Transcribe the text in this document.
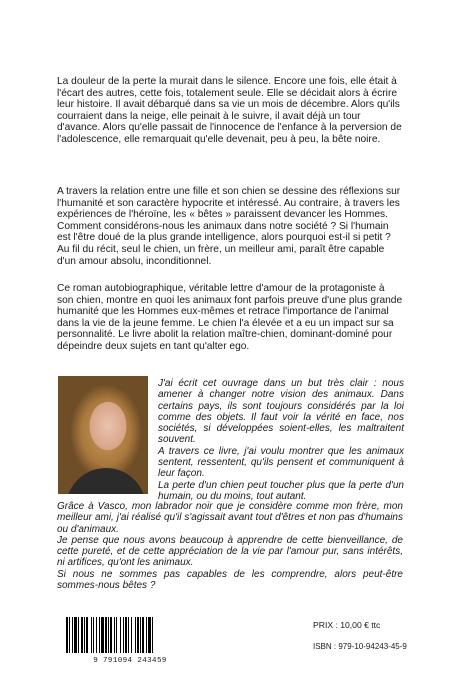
La douleur de la perte la murait dans le silence. Encore une fois, elle était à l'écart des autres, cette fois, totalement seule. Elle se décidait alors à écrire leur histoire. Il avait débarqué dans sa vie un mois de décembre. Alors qu'ils courraient dans la neige, elle peinait à le suivre, il avait déjà un tour d'avance. Alors qu'elle passait de l'innocence de l'enfance à la perversion de l'adolescence, elle remarquait qu'elle devenait, peu à peu, la bête noire.

A travers la relation entre une fille et son chien se dessine des réflexions sur l'humanité et son caractère hypocrite et intéressé. Au contraire, à travers les expériences de l'héroïne, les « bêtes » paraissent devancer les Hommes. Comment considérons-nous les animaux dans notre société ? Si l'humain est l'être doué de la plus grande intelligence, alors pourquoi est-il si petit ? Au fil du récit, seul le chien, un frère, un meilleur ami, paraît être capable d'un amour absolu, inconditionnel.

Ce roman autobiographique, véritable lettre d'amour de la protagoniste à son chien, montre en quoi les animaux font parfois preuve d'une plus grande humanité que les Hommes eux-mêmes et retrace l'importance de l'animal dans la vie de la jeune femme. Le chien l'a élevée et a eu un impact sur sa personnalité. Le livre abolit la relation maître-chien, dominant-dominé pour dépeindre deux sujets en tant qu'alter ego.

J'ai écrit cet ouvrage dans un but très clair : nous amener à changer notre vision des animaux. Dans certains pays, ils sont toujours considérés par la loi comme des objets. Il faut voir la vérité en face, nos sociétés, si développées soient-elles, les maltraitent souvent.

A travers ce livre, j'ai voulu montrer que les animaux sentent, ressentent, qu'ils pensent et communiquent à leur façon.

La perte d'un chien peut toucher plus que la perte d'un humain, ou du moins, tout autant.

Grâce à Vasco, mon labrador noir que je considère comme mon frère, mon meilleur ami, j'ai réalisé qu'il s'agissait avant tout d'êtres et non pas d'humains ou d'animaux.

Je pense que nous avons beaucoup à apprendre de cette bienveillance, de cette pureté, et de cette appréciation de la vie par l'amour pur, sans intérêts, ni artifices, qu'ont les animaux.

Si nous ne sommes pas capables de les comprendre, alors peut-être sommes-nous bêtes ?

9 791094 243459
PRIX : 10,00 € ttc
ISBN : 979-10-94243-45-9
